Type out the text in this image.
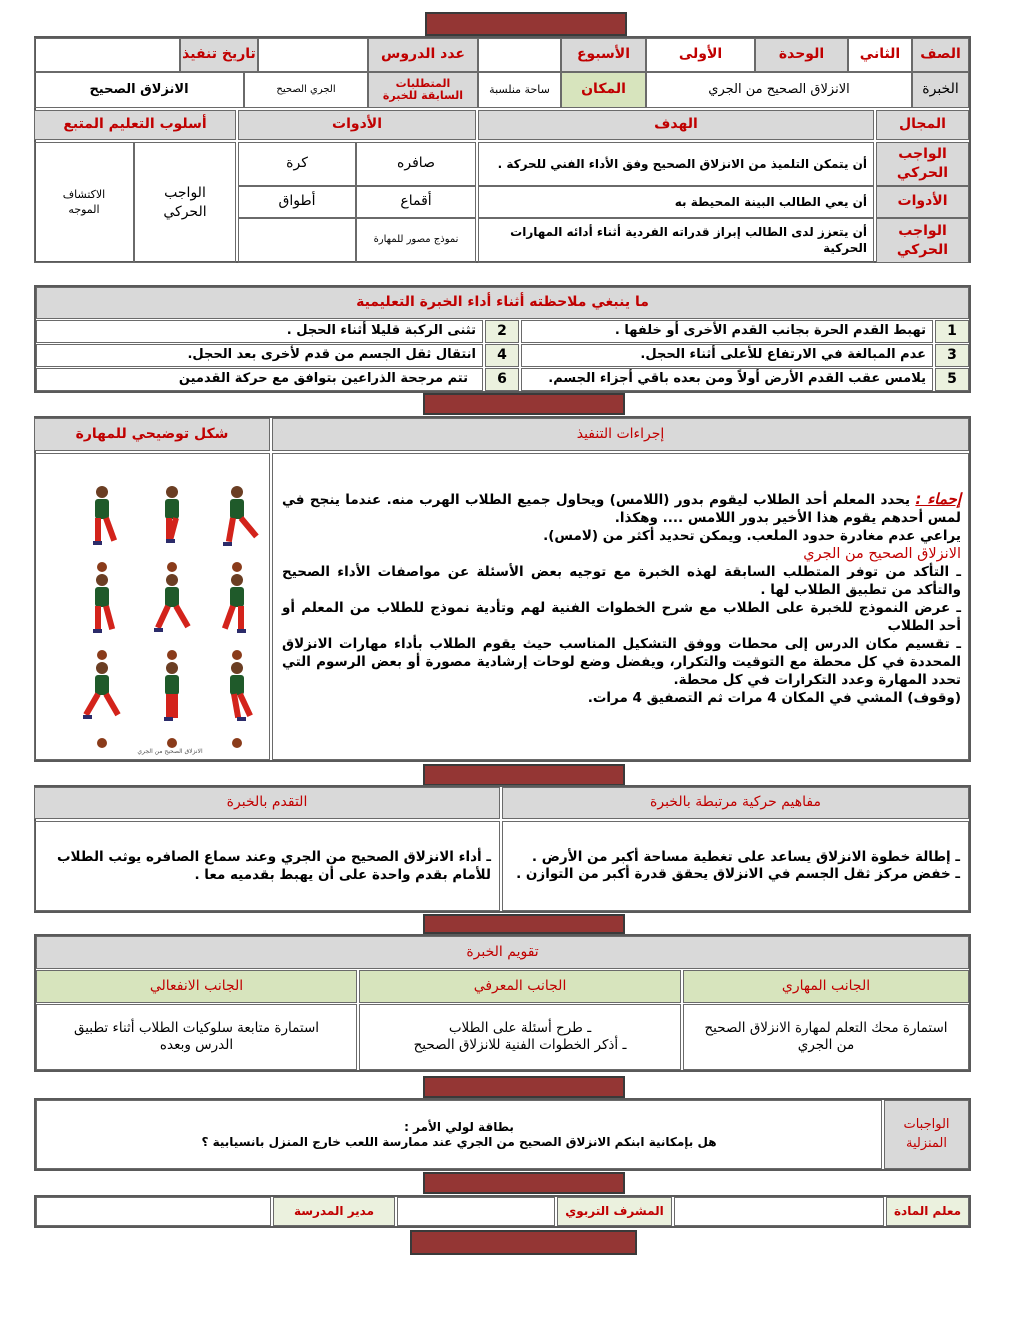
الصف
الثاني
الوحدة
الأولى
الأسبوع
عدد الدروس
تاريخ تنفيذ
الخبرة
الانزلاق الصحيح من الجري
المكان
ساحة منلسبة
المتطلبات السابقة للخبرة
الجري الصحيح
الانزلاق الصحيح
المجال
الهدف
الأدوات
أسلوب التعليم المتبع
الواجب الحركي
أن يتمكن التلميذ من الانزلاق الصحيح وفق الأداء الفني للحركة .
الأدوات
أن يعي الطالب البينة المحيطة به
الواجب الحركي
أن يتعزز لدى الطالب إبراز قدراته الفردية أثناء أدائه المهارات الحركية
صافره
كرة
أقماع
أطواق
نموذج مصور للمهارة
الواجب الحركي
الاكتشاف الموجه
ما ينبغي ملاحظته أثناء أداء الخبرة التعليمية
1
تهبط القدم الحرة بجانب القدم الأخرى أو خلفها .
2
تثنى الركبة قليلا أثناء الحجل .
3
عدم المبالغة في الارتفاع للأعلى أثناء الحجل.
4
انتقال ثقل الجسم من قدم لأخرى بعد الحجل.
5
يلامس عقب القدم الأرض أولاً ومن بعده باقي أجزاء الجسم.
6
تتم مرجحة الذراعين بتوافق مع حركة القدمين
إجراءات التنفيذ
شكل توضيحي للمهارة
إحماء : يحدد المعلم أحد الطلاب ليقوم بدور (اللامس) ويحاول جميع الطلاب الهرب منه. عندما ينجح في لمس أحدهم يقوم هذا الأخير بدور اللامس .... وهكذا.
يراعي عدم مغادرة حدود الملعب. ويمكن تحديد أكثر من (لامس).
الانزلاق الصحيح من الجري
ـ التأكد من توفر المتطلب السابقة لهذه الخبرة مع توجيه بعض الأسئلة عن مواصفات الأداء الصحيح والتأكد من تطبيق الطلاب لها .
ـ عرض النموذج للخبرة على الطلاب مع شرح الخطوات الفنية لهم وتأدية نموذج للطلاب من المعلم أو أحد الطلاب
ـ تقسيم مكان الدرس إلى محطات ووفق التشكيل المناسب حيث يقوم الطلاب بأداء مهارات الانزلاق المحددة في كل محطة مع التوقيت والتكرار، ويفضل وضع لوحات إرشادية مصورة أو بعض الرسوم التي تحدد المهارة وعدد التكرارات في كل محطة.
(وقوف) المشي في المكان 4 مرات ثم التصفيق 4 مرات.
الانزلاق الصحيح من الجري
مفاهيم حركية مرتبطة بالخبرة
التقدم بالخبرة
ـ إطالة خطوة الانزلاق يساعد على تغطية مساحة أكبر من الأرض .
ـ خفض مركز ثقل الجسم في الانزلاق يحقق قدرة أكبر من التوازن .
ـ أداء الانزلاق الصحيح من الجري وعند سماع الصافره يوثب الطلاب للأمام بقدم واحدة على أن يهبط بقدميه معا .
تقويم الخبرة
الجانب المهاري
الجانب المعرفي
الجانب الانفعالي
استمارة محك التعلم لمهارة الانزلاق الصحيح
من الجري
ـ طرح أسئلة على الطلاب
ـ أذكر الخطوات الفنية للانزلاق الصحيح
استمارة متابعة سلوكيات الطلاب أثناء تطبيق
الدرس وبعده
الواجبات المنزلية
بطاقة لولي الأمر :
هل بإمكانية ابنكم الانزلاق الصحيح من الجري عند ممارسة اللعب خارج المنزل بانسيابية ؟
معلم المادة
المشرف التربوي
مدير المدرسة
